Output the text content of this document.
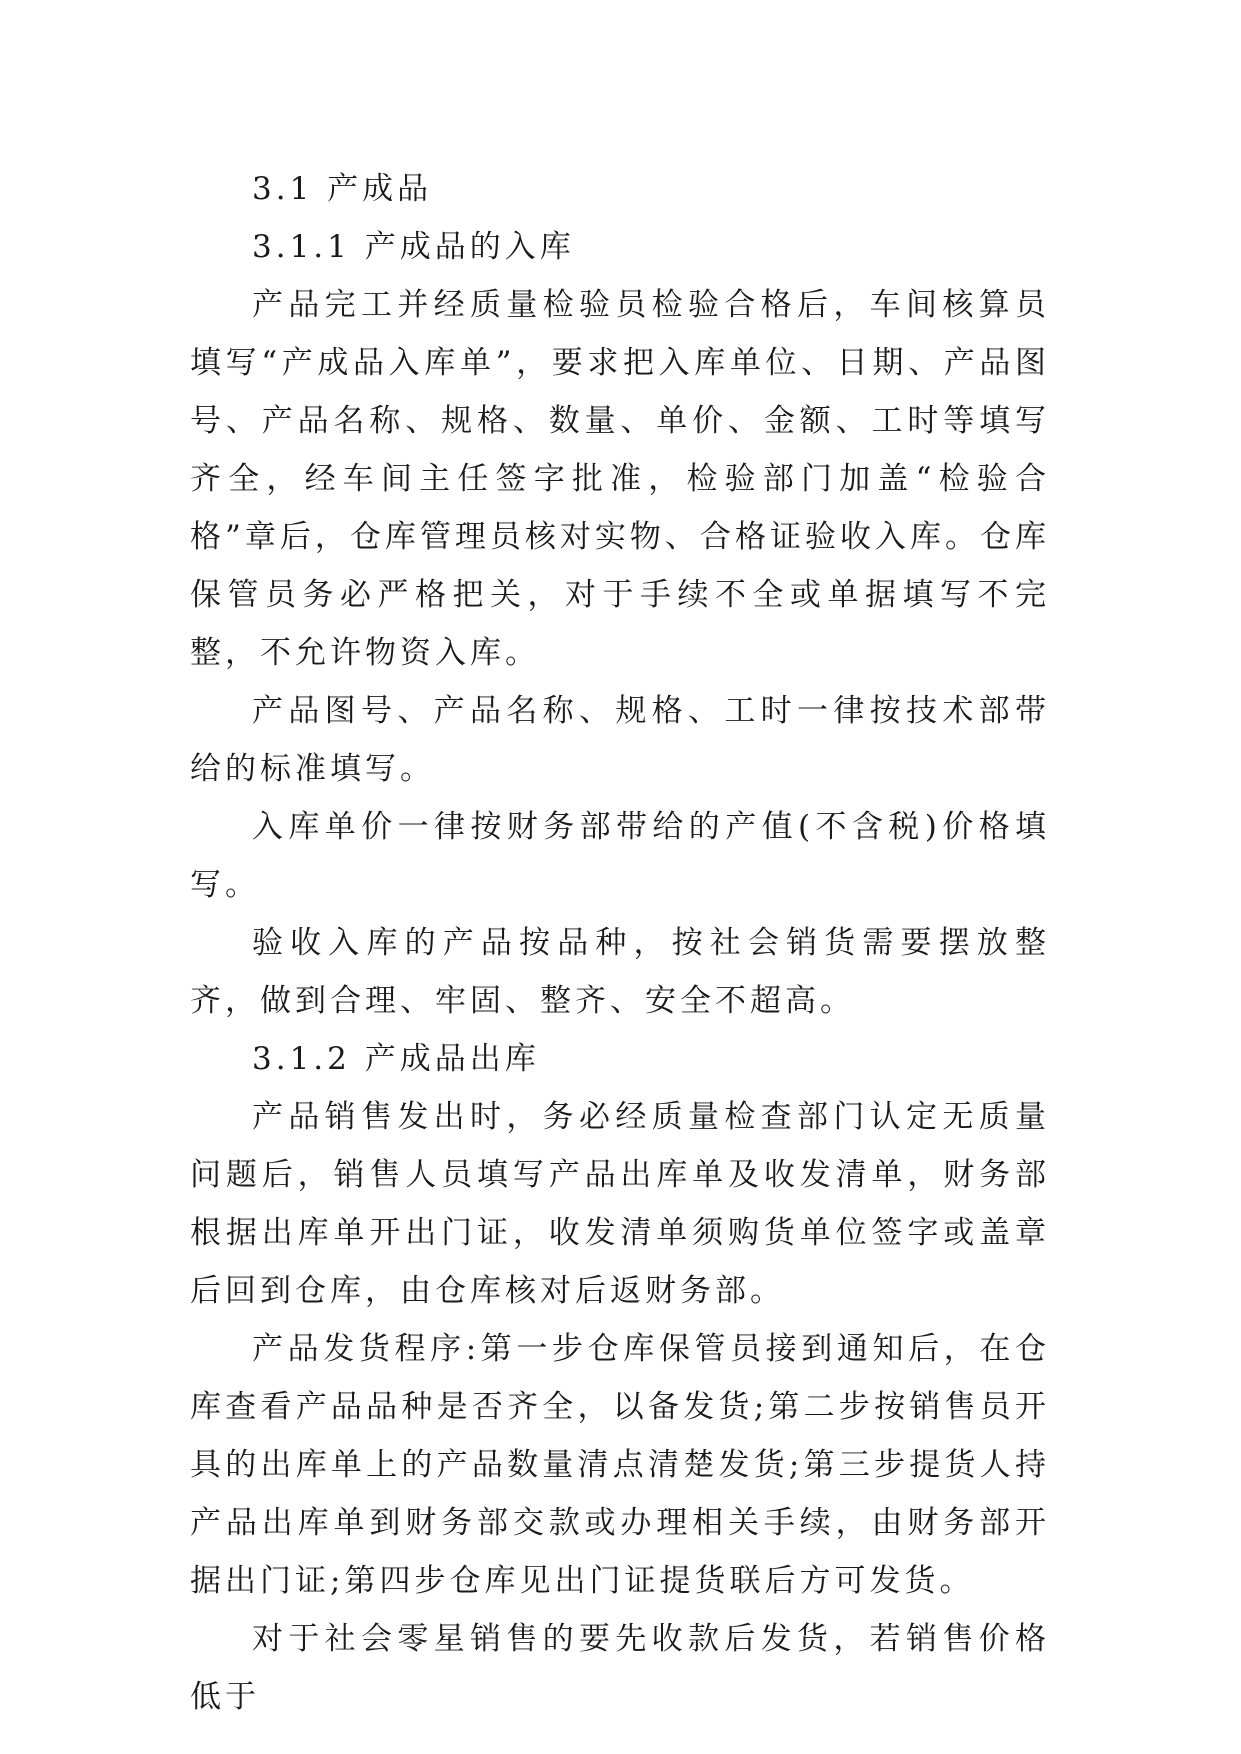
3.1 产成品

3.1.1 产成品的入库

产品完工并经质量检验员检验合格后，车间核算员填写“产成品入库单”，要求把入库单位、日期、产品图号、产品名称、规格、数量、单价、金额、工时等填写齐全，经车间主任签字批准，检验部门加盖“检验合格”章后，仓库管理员核对实物、合格证验收入库。仓库保管员务必严格把关，对于手续不全或单据填写不完整，不允许物资入库。

产品图号、产品名称、规格、工时一律按技术部带给的标准填写。

入库单价一律按财务部带给的产值(不含税)价格填写。

验收入库的产品按品种，按社会销货需要摆放整齐，做到合理、牢固、整齐、安全不超高。

3.1.2 产成品出库

产品销售发出时，务必经质量检查部门认定无质量问题后，销售人员填写产品出库单及收发清单，财务部根据出库单开出门证，收发清单须购货单位签字或盖章后回到仓库，由仓库核对后返财务部。

产品发货程序:第一步仓库保管员接到通知后，在仓库查看产品品种是否齐全，以备发货;第二步按销售员开具的出库单上的产品数量清点清楚发货;第三步提货人持产品出库单到财务部交款或办理相关手续，由财务部开据出门证;第四步仓库见出门证提货联后方可发货。

对于社会零星销售的要先收款后发货，若销售价格低于
